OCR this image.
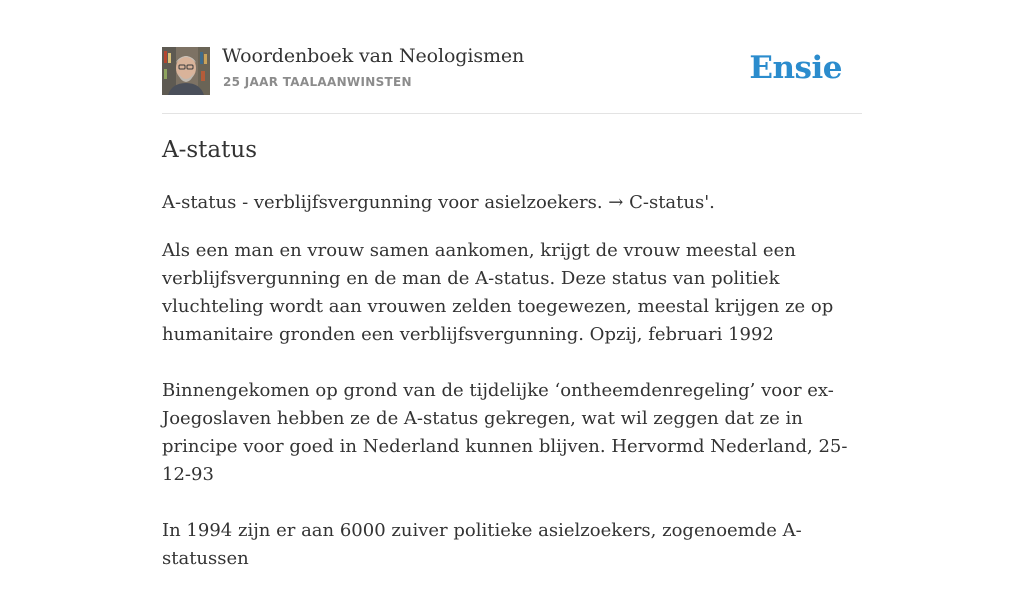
Woordenboek van Neologismen
25 JAAR TAALAANWINSTEN	Ensie
A-status
A-status - verblijfsvergunning voor asielzoekers. → C-status'.

Als een man en vrouw samen aankomen, krijgt de vrouw meestal een verblijfsvergunning en de man de A-status. Deze status van politiek vluchteling wordt aan vrouwen zelden toegewezen, meestal krijgen ze op humanitaire gronden een verblijfsvergunning. Opzij, februari 1992

Binnengekomen op grond van de tijdelijke ‘ontheemdenregeling’ voor ex-Joegoslaven hebben ze de A-status gekregen, wat wil zeggen dat ze in principe voor goed in Nederland kunnen blijven. Hervormd Nederland, 25-12-93

In 1994 zijn er aan 6000 zuiver politieke asielzoekers, zogenoemde A-statussen
